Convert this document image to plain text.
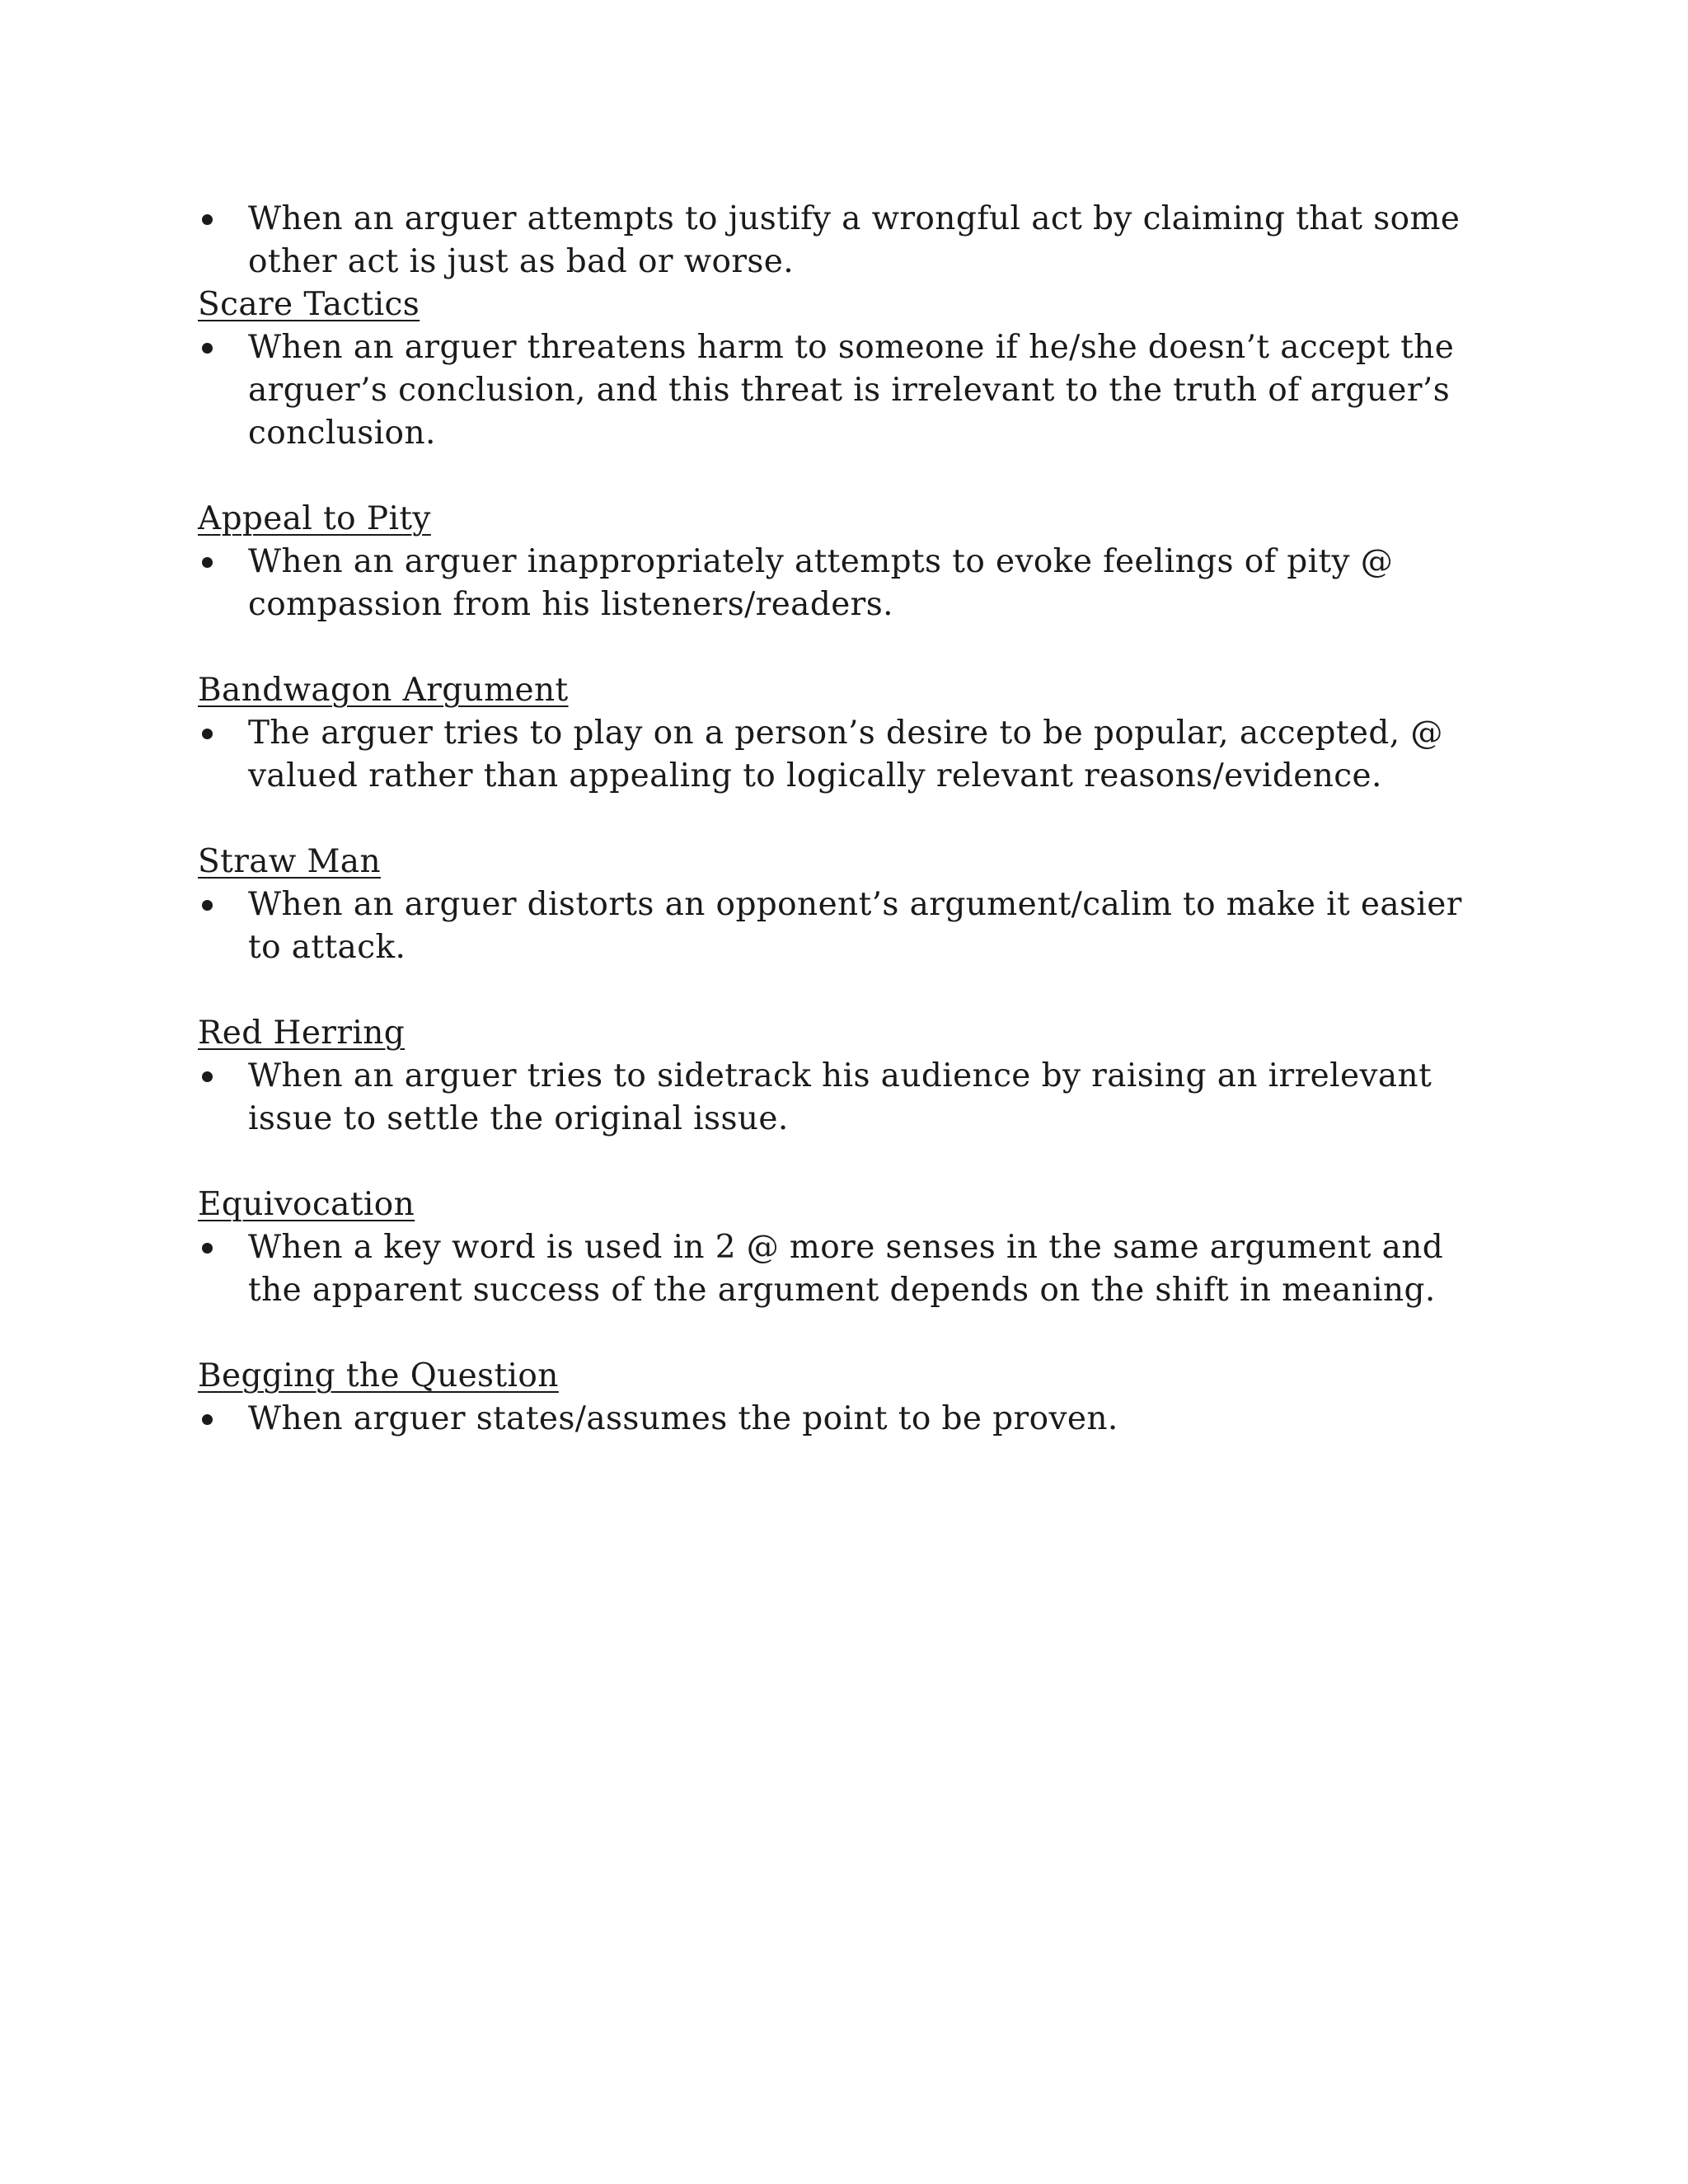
When an arguer attempts to justify a wrongful act by claiming that some other act is just as bad or worse.

Scare Tactics

When an arguer threatens harm to someone if he/she doesn’t accept the arguer’s conclusion, and this threat is irrelevant to the truth of arguer’s conclusion.

Appeal to Pity

When an arguer inappropriately attempts to evoke feelings of pity @ compassion from his listeners/readers.

Bandwagon Argument

The arguer tries to play on a person’s desire to be popular, accepted, @ valued rather than appealing to logically relevant reasons/evidence.

Straw Man

When an arguer distorts an opponent’s argument/calim to make it easier to attack.

Red Herring

When an arguer tries to sidetrack his audience by raising an irrelevant issue to settle the original issue.

Equivocation

When a key word is used in 2 @ more senses in the same argument and the apparent success of the argument depends on the shift in meaning.

Begging the Question

When arguer states/assumes the point to be proven.
